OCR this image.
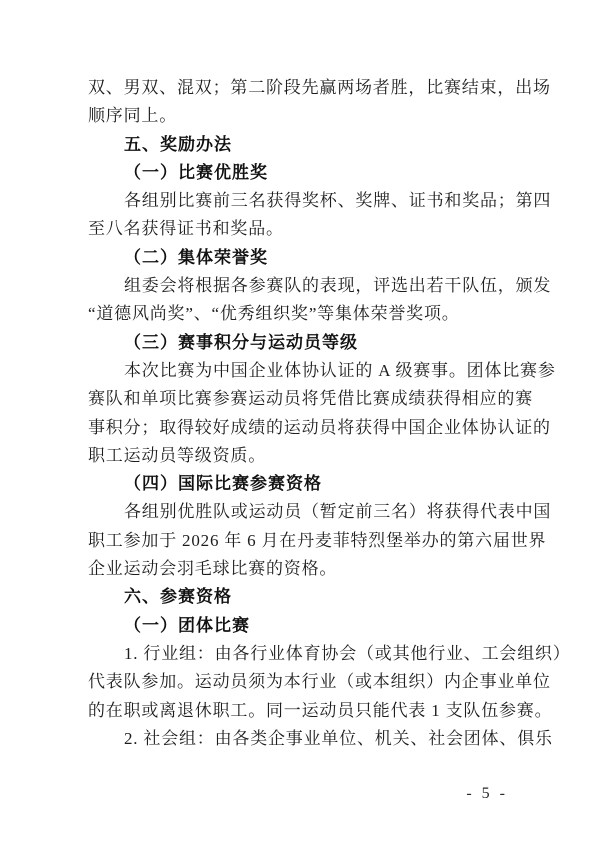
双、男双、混双；第二阶段先赢两场者胜，比赛结束，出场
顺序同上。
五、奖励办法
（一）比赛优胜奖
各组别比赛前三名获得奖杯、奖牌、证书和奖品；第四
至八名获得证书和奖品。
（二）集体荣誉奖
组委会将根据各参赛队的表现，评选出若干队伍，颁发
“道德风尚奖”、“优秀组织奖”等集体荣誉奖项。
（三）赛事积分与运动员等级
本次比赛为中国企业体协认证的 A 级赛事。团体比赛参
赛队和单项比赛参赛运动员将凭借比赛成绩获得相应的赛
事积分；取得较好成绩的运动员将获得中国企业体协认证的
职工运动员等级资质。
（四）国际比赛参赛资格
各组别优胜队或运动员（暂定前三名）将获得代表中国
职工参加于 2026 年 6 月在丹麦菲特烈堡举办的第六届世界
企业运动会羽毛球比赛的资格。
六、参赛资格
（一）团体比赛
1. 行业组：由各行业体育协会（或其他行业、工会组织）
代表队参加。运动员须为本行业（或本组织）内企事业单位
的在职或离退休职工。同一运动员只能代表 1 支队伍参赛。
2. 社会组：由各类企事业单位、机关、社会团体、俱乐
- 5 -
